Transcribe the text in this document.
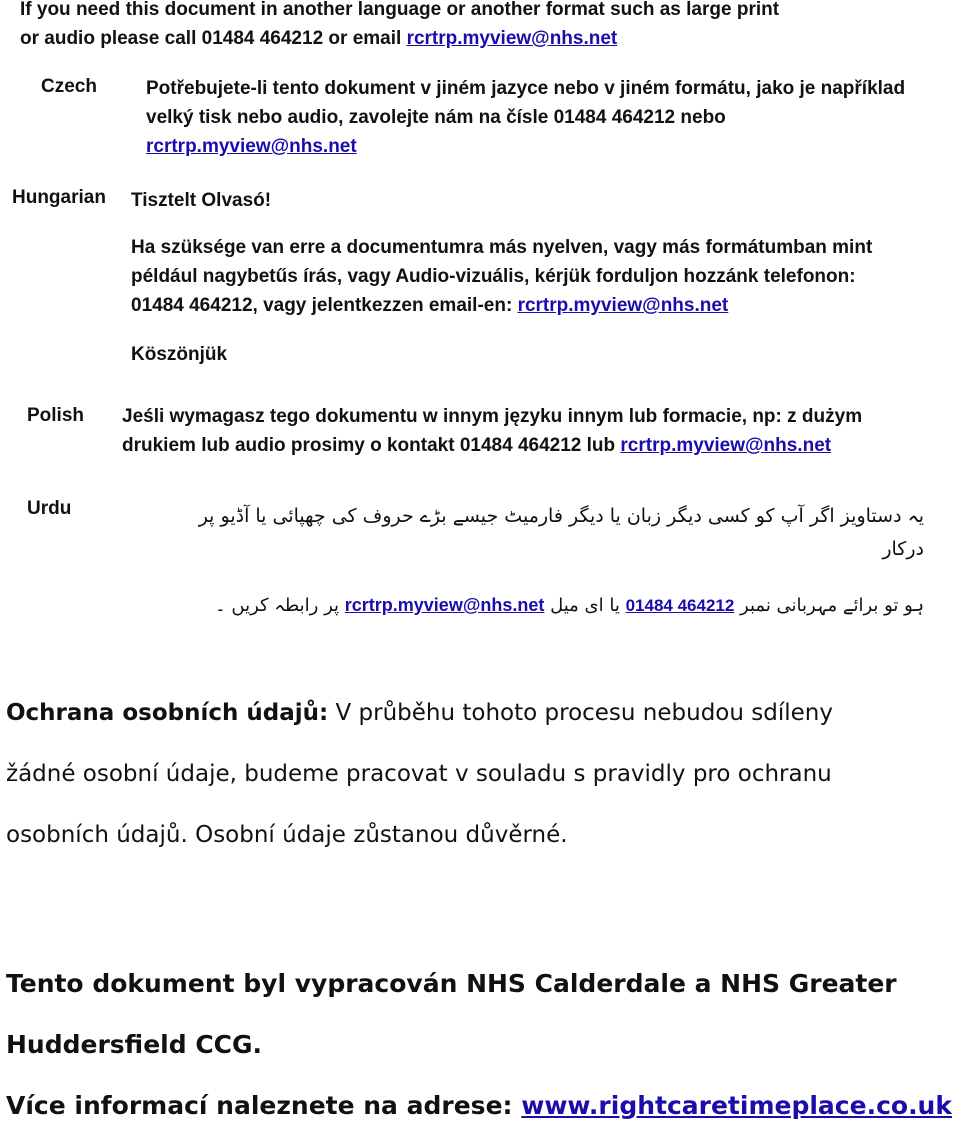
If you need this document in another language or another format such as large print
or audio please call 01484 464212 or email rcrtrp.myview@nhs.net
Czech	Potřebujete-li tento dokument v jiném jazyce nebo v jiném formátu, jako je například
velký tisk nebo audio, zavolejte nám na čísle 01484 464212 nebo
rcrtrp.myview@nhs.net
Hungarian Tisztelt Olvasó!
Ha szüksége van erre a documentumra más nyelven, vagy más formátumban mint
például nagybetűs írás, vagy Audio-vizuális, kérjük forduljon hozzánk telefonon:
01484 464212, vagy jelentkezzen email-en: rcrtrp.myview@nhs.net
Köszönjük
Polish Jeśli wymagasz tego dokumentu w innym języku innym lub formacie, np: z dużym
drukiem lub audio prosimy o kontakt 01484 464212 lub rcrtrp.myview@nhs.net
Urdu	یہ دستاویز اگر آپ کو کسی دیگر زبان یا دیگر فارمیٹ جیسے بڑے حروف کی چھپائی یا آڈیو پر
درکار
ہو تو برائے مہربانی نمبر 01484 464212 یا ای میل rcrtrp.myview@nhs.net پر رابطہ کریں ۔
Ochrana osobních údajů: V průběhu tohoto procesu nebudou sdíleny
žádné osobní údaje, budeme pracovat v souladu s pravidly pro ochranu
osobních údajů. Osobní údaje zůstanou důvěrné.
Tento dokument byl vypracován NHS Calderdale a NHS Greater
Huddersfield CCG.
Více informací naleznete na adrese: www.rightcaretimeplace.co.uk
